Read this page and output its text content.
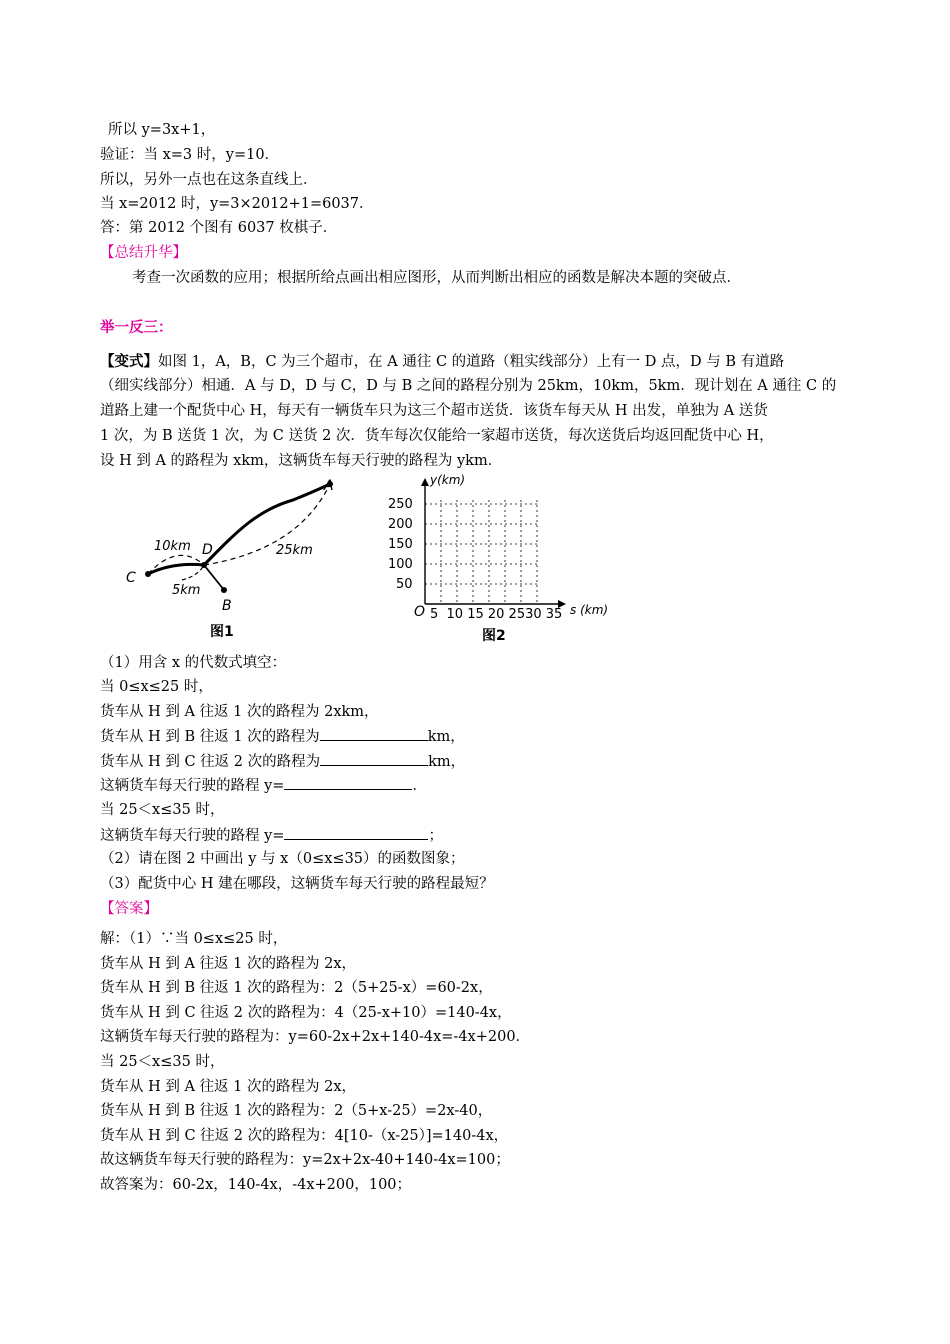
所以 y=3x+1，
验证：当 x=3 时，y=10．
所以，另外一点也在这条直线上．
当 x=2012 时，y=3×2012+1=6037．
答：第 2012 个图有 6037 枚棋子．
【总结升华】
考查一次函数的应用；根据所给点画出相应图形，从而判断出相应的函数是解决本题的突破点．
举一反三：
【变式】如图 1，A，B，C 为三个超市，在 A 通往 C 的道路（粗实线部分）上有一 D 点，D 与 B 有道路
（细实线部分）相通．A 与 D，D 与 C，D 与 B 之间的路程分别为 25km，10km，5km．现计划在 A 通往 C 的
道路上建一个配货中心 H，每天有一辆货车只为这三个超市送货．该货车每天从 H 出发，单独为 A 送货
1 次，为 B 送货 1 次，为 C 送货 2 次．货车每次仅能给一家超市送货，每次送货后均返回配货中心 H，
设 H 到 A 的路程为 xkm，这辆货车每天行驶的路程为 ykm．
A
C
D
B
10km	25km
5km
图1
y(km)
s (km)
O
250
200
150
100
50
5  10 15 20 2530 35
图2
（1）用含 x 的代数式填空：
当 0≤x≤25 时，
货车从 H 到 A 往返 1 次的路程为 2xkm，
货车从 H 到 B 往返 1 次的路程为	km，
货车从 H 到 C 往返 2 次的路程为	km，
这辆货车每天行驶的路程 y=	．
当 25＜x≤35 时，
这辆货车每天行驶的路程 y=	；
（2）请在图 2 中画出 y 与 x（0≤x≤35）的函数图象；
（3）配货中心 H 建在哪段，这辆货车每天行驶的路程最短？
【答案】
解：（1）∵当 0≤x≤25 时，
货车从 H 到 A 往返 1 次的路程为 2x，
货车从 H 到 B 往返 1 次的路程为：2（5+25-x）=60-2x，
货车从 H 到 C 往返 2 次的路程为：4（25-x+10）=140-4x，
这辆货车每天行驶的路程为：y=60-2x+2x+140-4x=-4x+200．
当 25＜x≤35 时，
货车从 H 到 A 往返 1 次的路程为 2x，
货车从 H 到 B 往返 1 次的路程为：2（5+x-25）=2x-40，
货车从 H 到 C 往返 2 次的路程为：4[10-（x-25）]=140-4x，
故这辆货车每天行驶的路程为：y=2x+2x-40+140-4x=100；
故答案为：60-2x，140-4x，-4x+200，100；
